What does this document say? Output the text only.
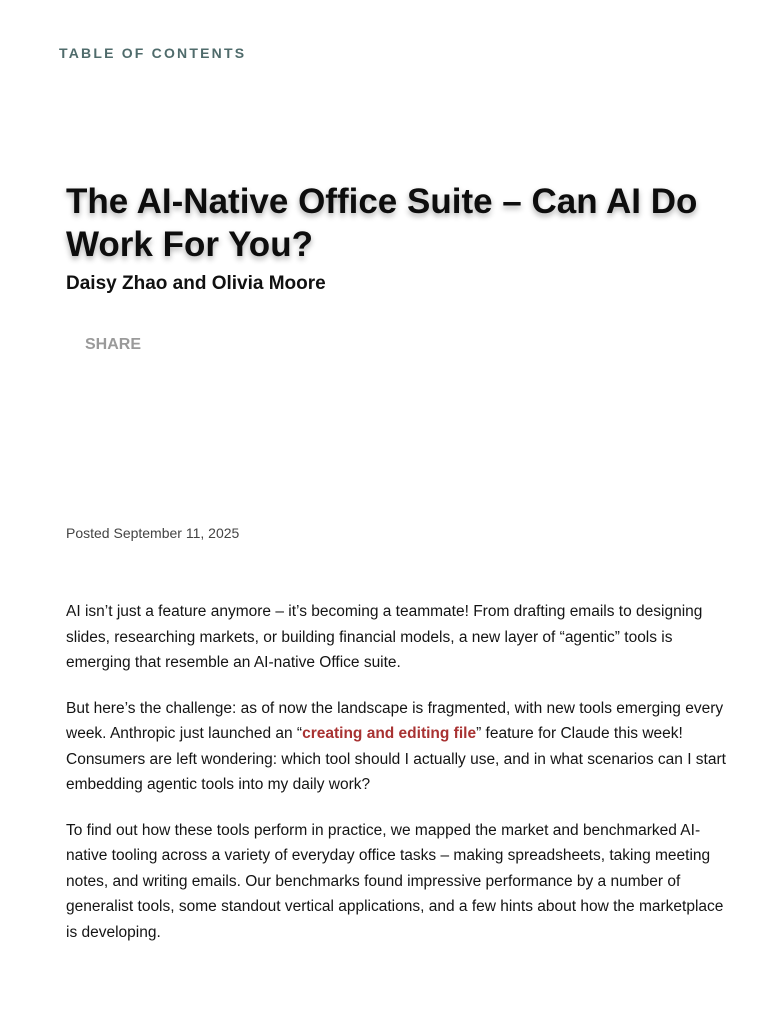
TABLE OF CONTENTS
The AI-Native Office Suite – Can AI Do Work For You?
Daisy Zhao and Olivia Moore
SHARE
Posted September 11, 2025

AI isn’t just a feature anymore – it’s becoming a teammate! From drafting emails to designing slides, researching markets, or building financial models, a new layer of “agentic” tools is emerging that resemble an AI-native Office suite.

But here’s the challenge: as of now the landscape is fragmented, with new tools emerging every week. Anthropic just launched an “creating and editing file” feature for Claude this week! Consumers are left wondering: which tool should I actually use, and in what scenarios can I start embedding agentic tools into my daily work?

To find out how these tools perform in practice, we mapped the market and benchmarked AI-native tooling across a variety of everyday office tasks – making spreadsheets, taking meeting notes, and writing emails. Our benchmarks found impressive performance by a number of generalist tools, some standout vertical applications, and a few hints about how the marketplace is developing.
